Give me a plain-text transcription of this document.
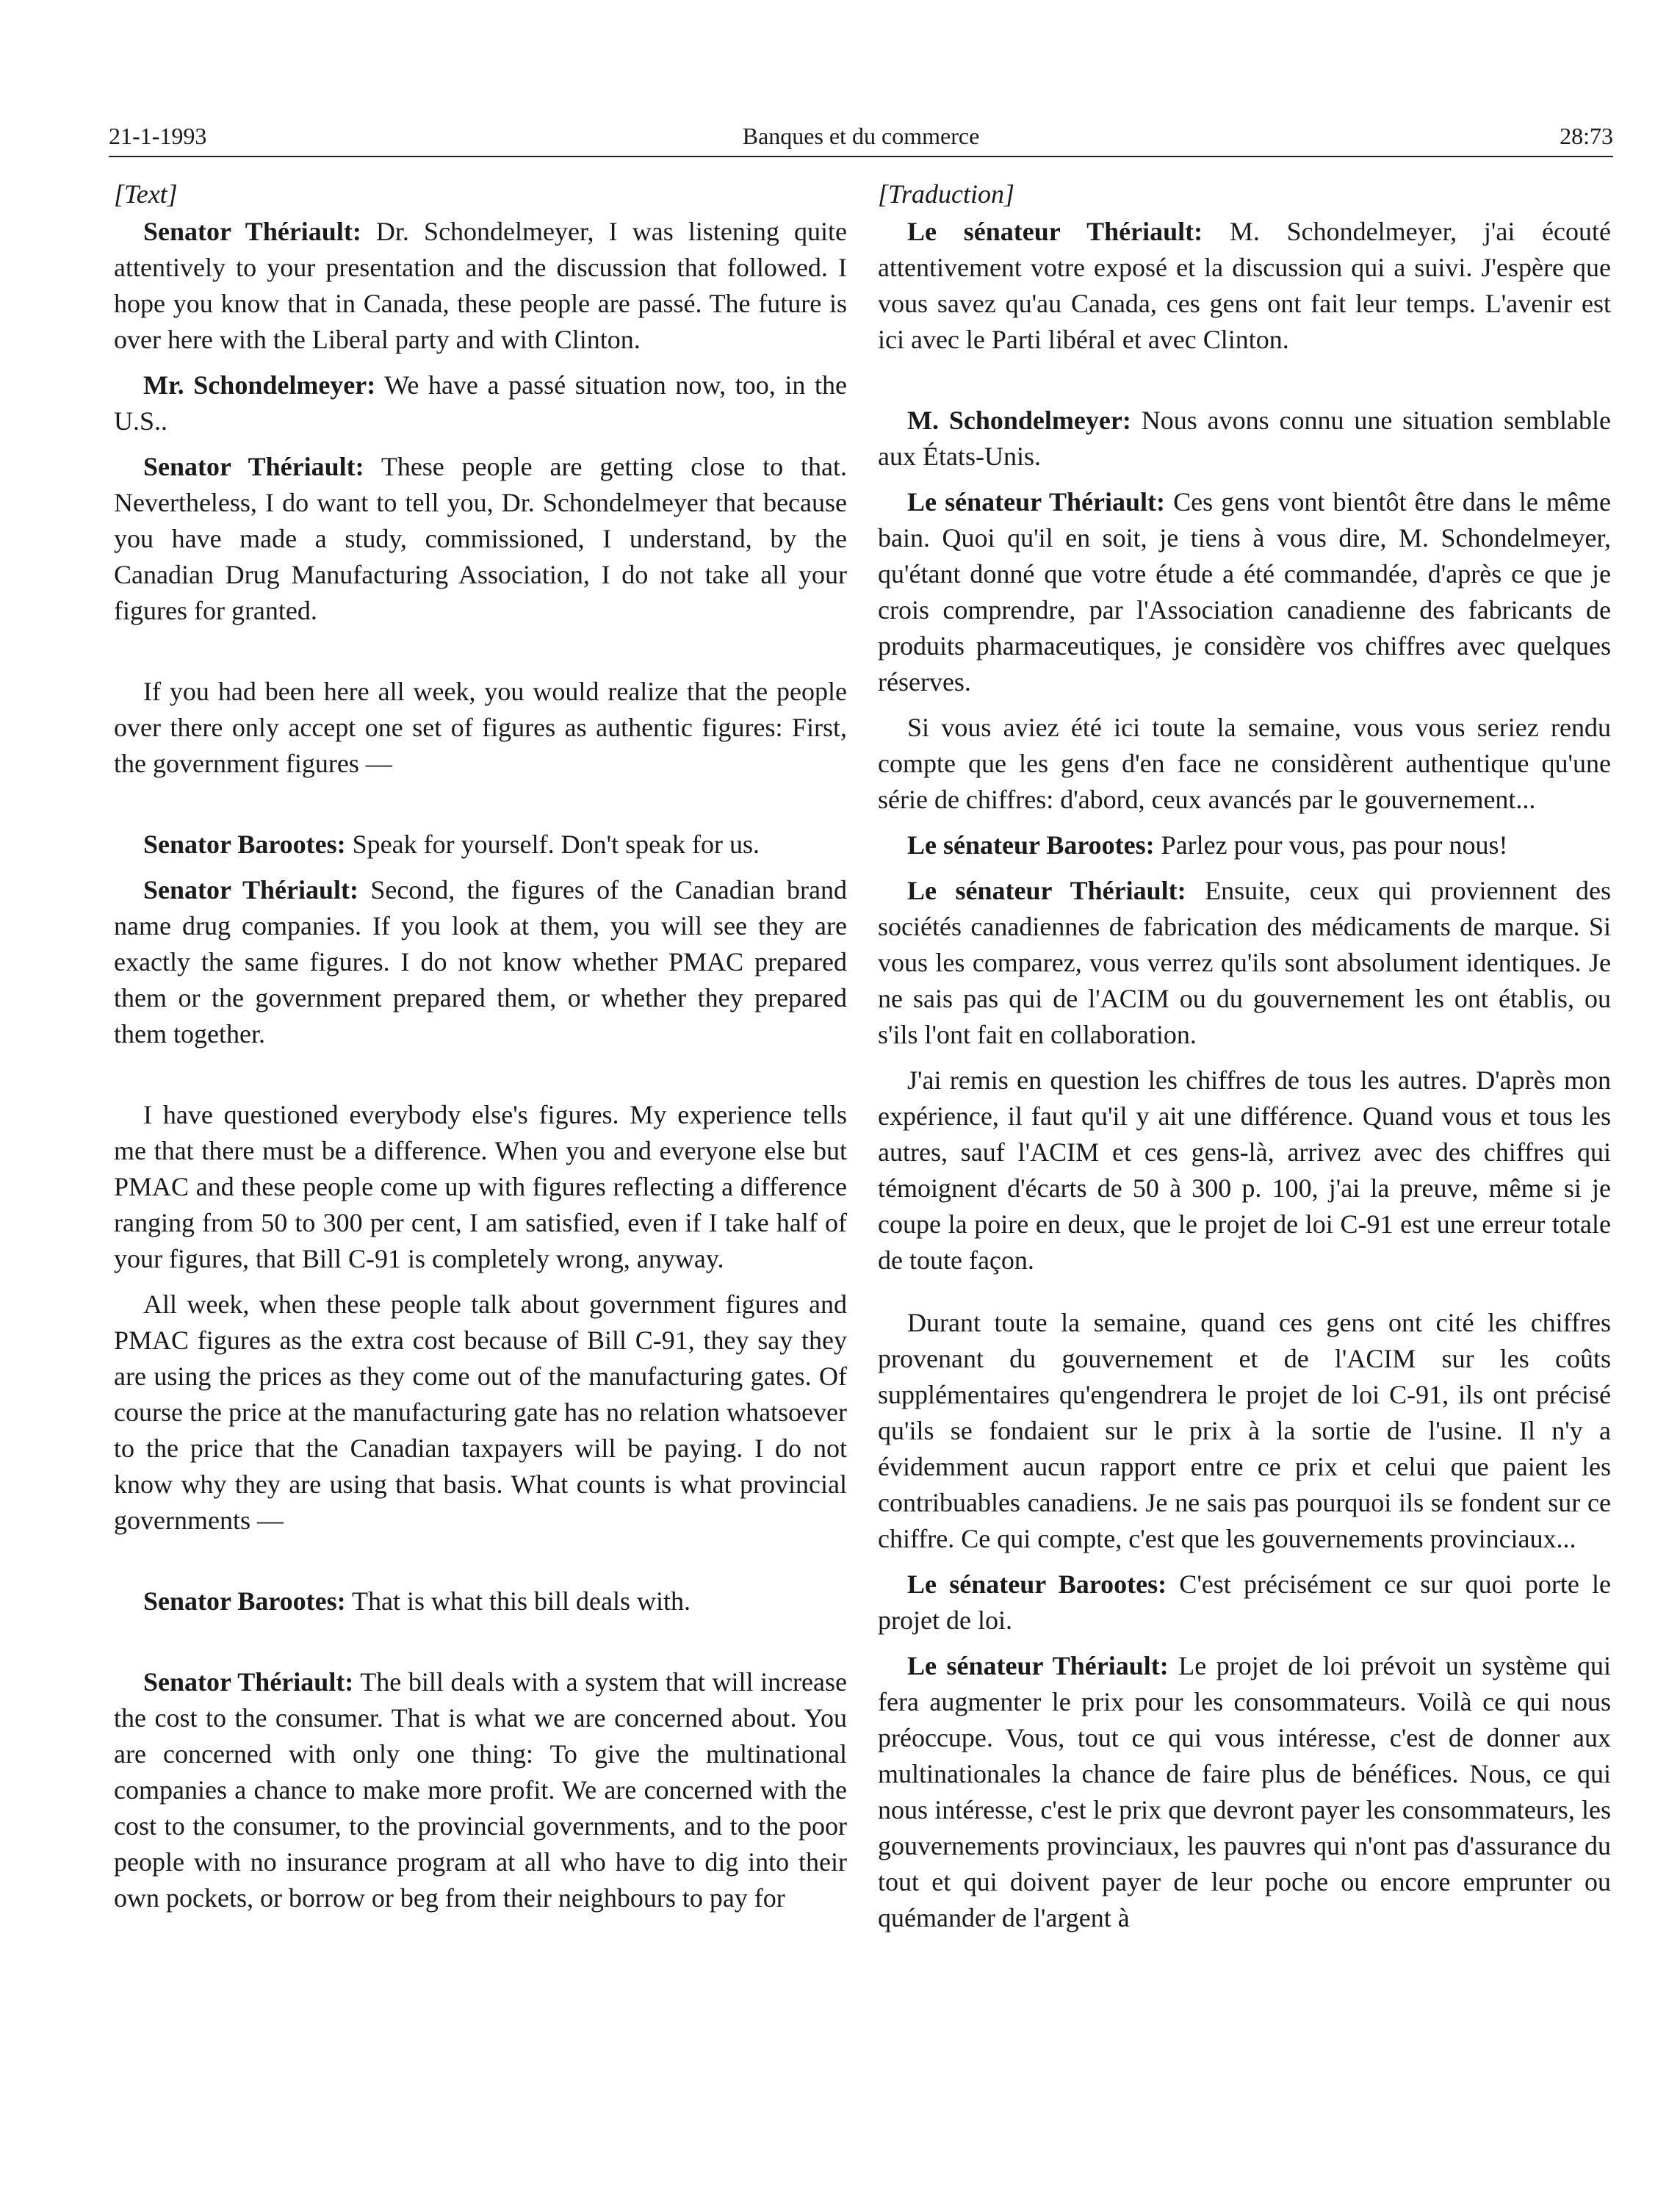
21-1-1993	Banques et du commerce	28:73

[Text]

Senator Thériault: Dr. Schondelmeyer, I was listening quite attentively to your presentation and the discussion that followed. I hope you know that in Canada, these people are passé. The future is over here with the Liberal party and with Clinton.

Mr. Schondelmeyer: We have a passé situation now, too, in the U.S..

Senator Thériault: These people are getting close to that. Nevertheless, I do want to tell you, Dr. Schondelmeyer that because you have made a study, commissioned, I understand, by the Canadian Drug Manufacturing Association, I do not take all your figures for granted.

If you had been here all week, you would realize that the people over there only accept one set of figures as authentic figures: First, the government figures —

Senator Barootes: Speak for yourself. Don't speak for us.

Senator Thériault: Second, the figures of the Canadian brand name drug companies. If you look at them, you will see they are exactly the same figures. I do not know whether PMAC prepared them or the government prepared them, or whether they prepared them together.

I have questioned everybody else's figures. My experience tells me that there must be a difference. When you and everyone else but PMAC and these people come up with figures reflecting a difference ranging from 50 to 300 per cent, I am satisfied, even if I take half of your figures, that Bill C-91 is completely wrong, anyway.

All week, when these people talk about government figures and PMAC figures as the extra cost because of Bill C-91, they say they are using the prices as they come out of the manufacturing gates. Of course the price at the manufacturing gate has no relation whatsoever to the price that the Canadian taxpayers will be paying. I do not know why they are using that basis. What counts is what provincial governments —

Senator Barootes: That is what this bill deals with.

Senator Thériault: The bill deals with a system that will increase the cost to the consumer. That is what we are concerned about. You are concerned with only one thing: To give the multinational companies a chance to make more profit. We are concerned with the cost to the consumer, to the provincial governments, and to the poor people with no insurance program at all who have to dig into their own pockets, or borrow or beg from their neighbours to pay for

[Traduction]

Le sénateur Thériault: M. Schondelmeyer, j'ai écouté attentivement votre exposé et la discussion qui a suivi. J'espère que vous savez qu'au Canada, ces gens ont fait leur temps. L'avenir est ici avec le Parti libéral et avec Clinton.

M. Schondelmeyer: Nous avons connu une situation semblable aux États-Unis.

Le sénateur Thériault: Ces gens vont bientôt être dans le même bain. Quoi qu'il en soit, je tiens à vous dire, M. Schondelmeyer, qu'étant donné que votre étude a été commandée, d'après ce que je crois comprendre, par l'Association canadienne des fabricants de produits pharmaceutiques, je considère vos chiffres avec quelques réserves.

Si vous aviez été ici toute la semaine, vous vous seriez rendu compte que les gens d'en face ne considèrent authentique qu'une série de chiffres: d'abord, ceux avancés par le gouvernement...

Le sénateur Barootes: Parlez pour vous, pas pour nous!

Le sénateur Thériault: Ensuite, ceux qui proviennent des sociétés canadiennes de fabrication des médicaments de marque. Si vous les comparez, vous verrez qu'ils sont absolument identiques. Je ne sais pas qui de l'ACIM ou du gouvernement les ont établis, ou s'ils l'ont fait en collaboration.

J'ai remis en question les chiffres de tous les autres. D'après mon expérience, il faut qu'il y ait une différence. Quand vous et tous les autres, sauf l'ACIM et ces gens-là, arrivez avec des chiffres qui témoignent d'écarts de 50 à 300 p. 100, j'ai la preuve, même si je coupe la poire en deux, que le projet de loi C-91 est une erreur totale de toute façon.

Durant toute la semaine, quand ces gens ont cité les chiffres provenant du gouvernement et de l'ACIM sur les coûts supplémentaires qu'engendrera le projet de loi C-91, ils ont précisé qu'ils se fondaient sur le prix à la sortie de l'usine. Il n'y a évidemment aucun rapport entre ce prix et celui que paient les contribuables canadiens. Je ne sais pas pourquoi ils se fondent sur ce chiffre. Ce qui compte, c'est que les gouvernements provinciaux...

Le sénateur Barootes: C'est précisément ce sur quoi porte le projet de loi.

Le sénateur Thériault: Le projet de loi prévoit un système qui fera augmenter le prix pour les consommateurs. Voilà ce qui nous préoccupe. Vous, tout ce qui vous intéresse, c'est de donner aux multinationales la chance de faire plus de bénéfices. Nous, ce qui nous intéresse, c'est le prix que devront payer les consommateurs, les gouvernements provinciaux, les pauvres qui n'ont pas d'assurance du tout et qui doivent payer de leur poche ou encore emprunter ou quémander de l'argent à
